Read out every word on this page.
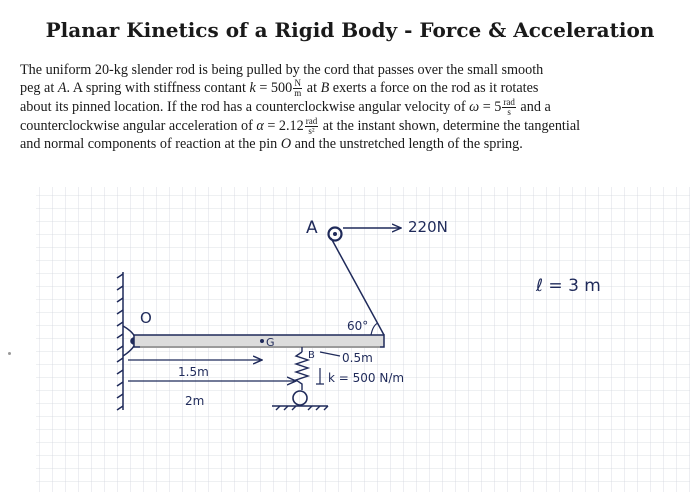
Planar Kinetics of a Rigid Body - Force & Acceleration
The uniform 20-kg slender rod is being pulled by the cord that passes over the small smooth
peg at A. A spring with stiffness contant $k = 500 \frac{N}{m}$ at B exerts a force on the rod as it rotates
about its pinned location. If the rod has a counterclockwise angular velocity of $\omega = 5 \frac{\text{rad}}{s}$ and a
counterclockwise angular acceleration of $\alpha = 2.12 \frac{\text{rad}}{\text{s²}}$ at the instant shown, determine the tangential
and normal components of reaction at the pin O and the unstretched length of the spring.
O
G
A	220N
60°
ℓ = 3 m
B 0.5m
k = 500 N/m
1.5m
2m
